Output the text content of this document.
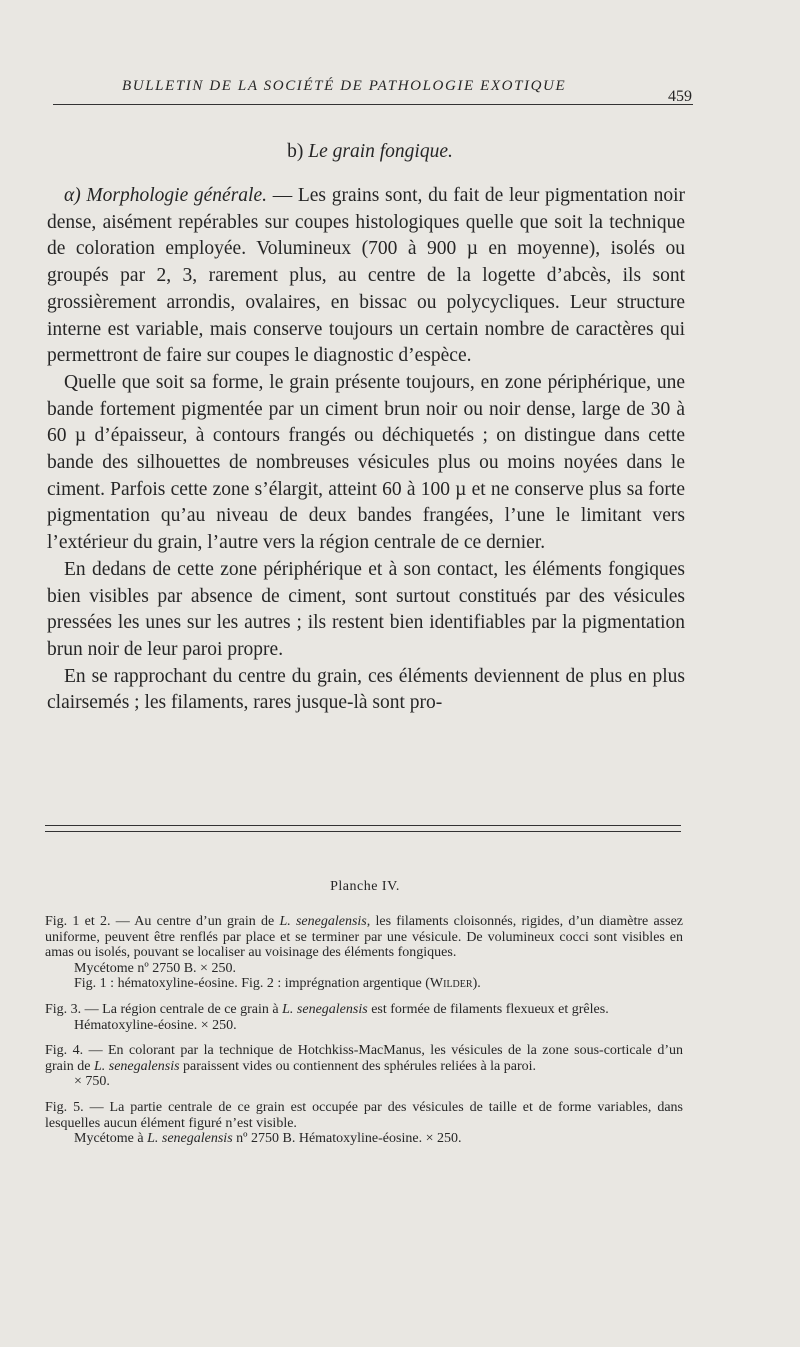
BULLETIN DE LA SOCIÉTÉ DE PATHOLOGIE EXOTIQUE
459
b) Le grain fongique.

α) Morphologie générale. — Les grains sont, du fait de leur pigmentation noir dense, aisément repérables sur coupes histologiques quelle que soit la technique de coloration employée. Volumineux (700 à 900 µ en moyenne), isolés ou groupés par 2, 3, rarement plus, au centre de la logette d’abcès, ils sont grossièrement arrondis, ovalaires, en bissac ou polycycliques. Leur structure interne est variable, mais conserve toujours un certain nombre de caractères qui permettront de faire sur coupes le diagnostic d’espèce.

Quelle que soit sa forme, le grain présente toujours, en zone périphérique, une bande fortement pigmentée par un ciment brun noir ou noir dense, large de 30 à 60 µ d’épaisseur, à contours frangés ou déchiquetés ; on distingue dans cette bande des silhouettes de nombreuses vésicules plus ou moins noyées dans le ciment. Parfois cette zone s’élargit, atteint 60 à 100 µ et ne conserve plus sa forte pigmentation qu’au niveau de deux bandes frangées, l’une le limitant vers l’extérieur du grain, l’autre vers la région centrale de ce dernier.

En dedans de cette zone périphérique et à son contact, les éléments fongiques bien visibles par absence de ciment, sont surtout constitués par des vésicules pressées les unes sur les autres ; ils restent bien identifiables par la pigmentation brun noir de leur paroi propre.

En se rapprochant du centre du grain, ces éléments deviennent de plus en plus clairsemés ; les filaments, rares jusque-là sont pro-

Planche IV.
Fig. 1 et 2. — Au centre d’un grain de L. senegalensis, les filaments cloisonnés, rigides, d’un diamètre assez uniforme, peuvent être renflés par place et se terminer par une vésicule. De volumineux cocci sont visibles en amas ou isolés, pouvant se localiser au voisinage des éléments fongiques.
Mycétome nº 2750 B. × 250.
Fig. 1 : hématoxyline-éosine. Fig. 2 : imprégnation argentique (Wilder).
Fig. 3. — La région centrale de ce grain à L. senegalensis est formée de filaments flexueux et grêles.
Hématoxyline-éosine. × 250.
Fig. 4. — En colorant par la technique de Hotchkiss-MacManus, les vésicules de la zone sous-corticale d’un grain de L. senegalensis paraissent vides ou contiennent des sphérules reliées à la paroi.
× 750.
Fig. 5. — La partie centrale de ce grain est occupée par des vésicules de taille et de forme variables, dans lesquelles aucun élément figuré n’est visible.
Mycétome à L. senegalensis nº 2750 B. Hématoxyline-éosine. × 250.
